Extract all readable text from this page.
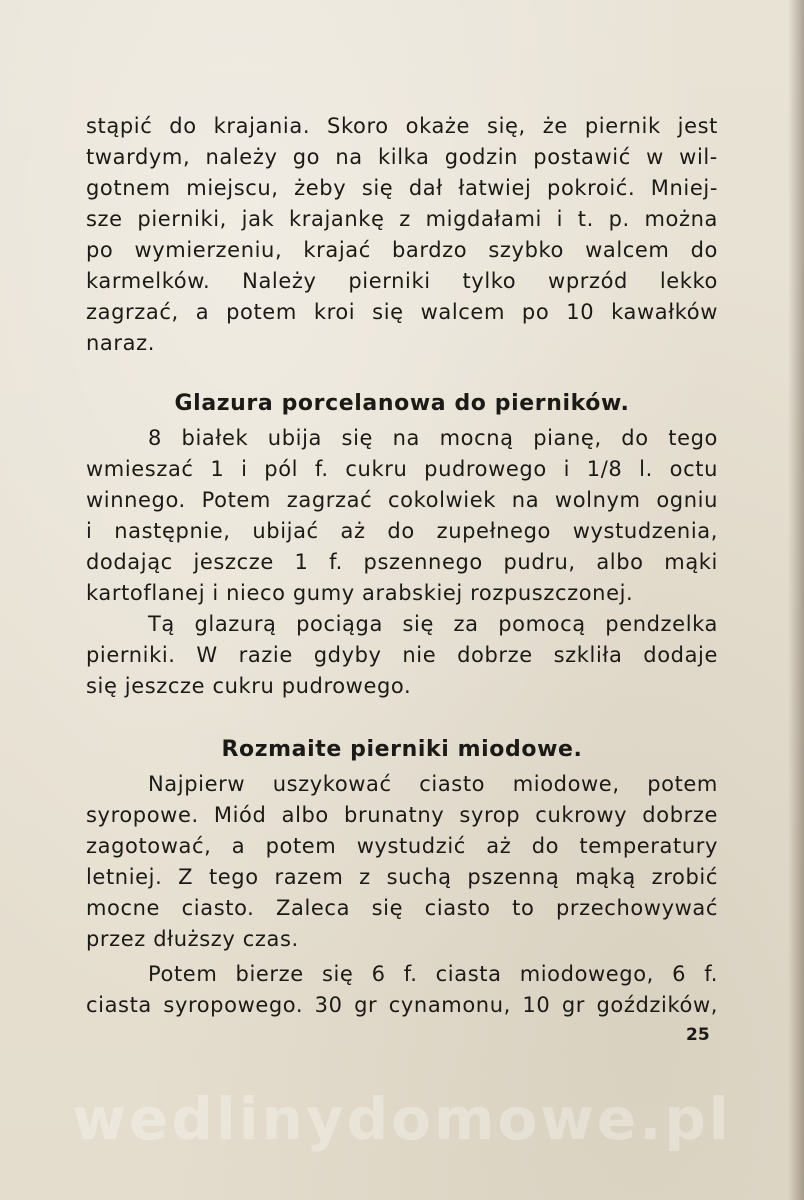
stąpić do krajania. Skoro okaże się, że piernik jest
twardym, należy go na kilka godzin postawić w wil-
gotnem miejscu, żeby się dał łatwiej pokroić. Mniej-
sze pierniki, jak krajankę z migdałami i t. p. można
po wymierzeniu, krajać bardzo szybko walcem do
karmelków. Należy pierniki tylko wprzód lekko
zagrzać, a potem kroi się walcem po 10 kawałków
naraz.
Glazura porcelanowa do pierników.
8 białek ubija się na mocną pianę, do tego
wmieszać 1 i pól f. cukru pudrowego i 1/8 l. octu
winnego. Potem zagrzać cokolwiek na wolnym ogniu
i następnie, ubijać aż do zupełnego wystudzenia,
dodając jeszcze 1 f. pszennego pudru, albo mąki
kartoflanej i nieco gumy arabskiej rozpuszczonej.
Tą glazurą pociąga się za pomocą pendzelka
pierniki. W razie gdyby nie dobrze szkliła dodaje
się jeszcze cukru pudrowego.
Rozmaite pierniki miodowe.
Najpierw uszykować ciasto miodowe, potem
syropowe. Miód albo brunatny syrop cukrowy dobrze
zagotować, a potem wystudzić aż do temperatury
letniej. Z tego razem z suchą pszenną mąką zrobić
mocne ciasto. Zaleca się ciasto to przechowywać
przez dłuższy czas.
Potem bierze się 6 f. ciasta miodowego, 6 f.
ciasta syropowego. 30 gr cynamonu, 10 gr goździków,
25
wedlinydomowe.pl
